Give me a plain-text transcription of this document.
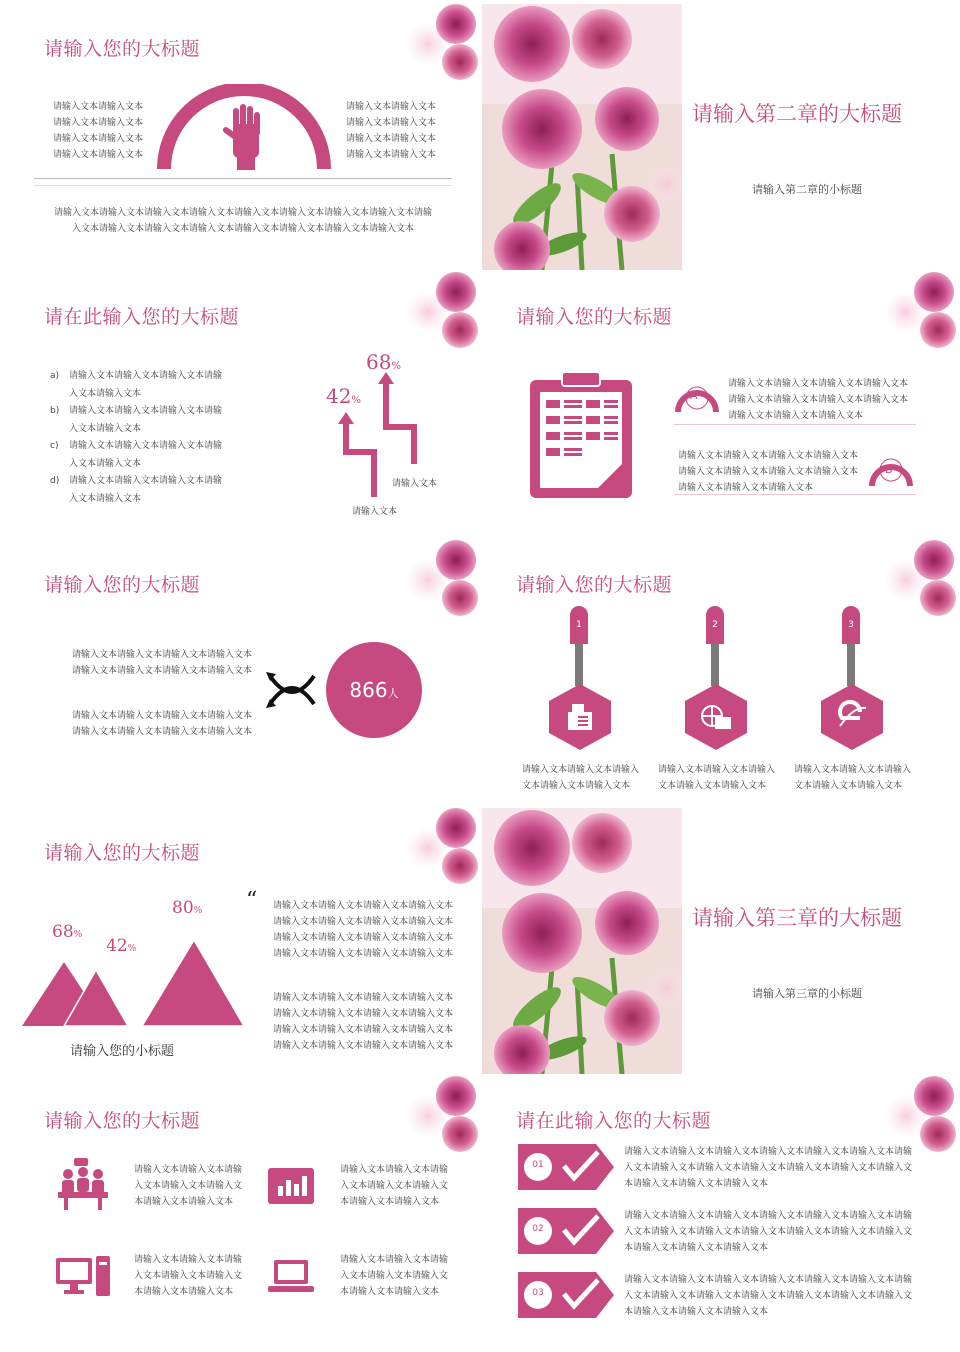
请输入您的大标题
请输入文本请输入文本
请输入文本请输入文本
请输入文本请输入文本
请输入文本请输入文本
请输入文本请输入文本
请输入文本请输入文本
请输入文本请输入文本
请输入文本请输入文本
请输入文本请输入文本请输入文本请输入文本请输入文本请输入文本请输入文本请输入文本请输
入文本请输入文本请输入文本请输入文本请输入文本请输入文本请输入文本请输入文本
请输入第二章的大标题
请输入第二章的小标题
请在此输入您的大标题
a)	请输入文本请输入文本请输入文本请输
入文本请输入文本
b)	请输入文本请输入文本请输入文本请输
入文本请输入文本
c)	请输入文本请输入文本请输入文本请输
入文本请输入文本
d)	请输入文本请输入文本请输入文本请输
入文本请输入文本
42%
68%
请输入文本
请输入文本
请输入您的大标题
A
请输入文本请输入文本请输入文本请输入文本
请输入文本请输入文本请输入文本请输入文本
请输入文本请输入文本请输入文本
请输入文本请输入文本请输入文本请输入文本
请输入文本请输入文本请输入文本请输入文本
请输入文本请输入文本请输入文本
B
请输入您的大标题
请输入文本请输入文本请输入文本请输入文本
请输入文本请输入文本请输入文本请输入文本
请输入文本请输入文本请输入文本请输入文本
请输入文本请输入文本请输入文本请输入文本
866 人
请输入您的大标题
1
请输入文本请输入文本请输入
文本请输入文本请输入文本
2
请输入文本请输入文本请输入
文本请输入文本请输入文本
3
请输入文本请输入文本请输入
文本请输入文本请输入文本
请输入您的大标题
68%
42%
80%
请输入您的小标题
“ 请输入文本请输入文本请输入文本请输入文本
请输入文本请输入文本请输入文本请输入文本
请输入文本请输入文本请输入文本请输入文本
请输入文本请输入文本请输入文本请输入文本
请输入文本请输入文本请输入文本请输入文本
请输入文本请输入文本请输入文本请输入文本
请输入文本请输入文本请输入文本请输入文本
请输入文本请输入文本请输入文本请输入文本
请输入第三章的大标题
请输入第三章的小标题
请输入您的大标题
请输入文本请输入文本请输
入文本请输入文本请输入文
本请输入文本请输入文本
请输入文本请输入文本请输
入文本请输入文本请输入文
本请输入文本请输入文本
请输入文本请输入文本请输
入文本请输入文本请输入文
本请输入文本请输入文本
请输入文本请输入文本请输
入文本请输入文本请输入文
本请输入文本请输入文本
请在此输入您的大标题
01
请输入文本请输入文本请输入文本请输入文本请输入文本请输入文本请输
入文本请输入文本请输入文本请输入文本请输入文本请输入文本请输入文
本请输入文本请输入文本请输入文本
02
请输入文本请输入文本请输入文本请输入文本请输入文本请输入文本请输
入文本请输入文本请输入文本请输入文本请输入文本请输入文本请输入文
本请输入文本请输入文本请输入文本
03
请输入文本请输入文本请输入文本请输入文本请输入文本请输入文本请输
入文本请输入文本请输入文本请输入文本请输入文本请输入文本请输入文
本请输入文本请输入文本请输入文本
